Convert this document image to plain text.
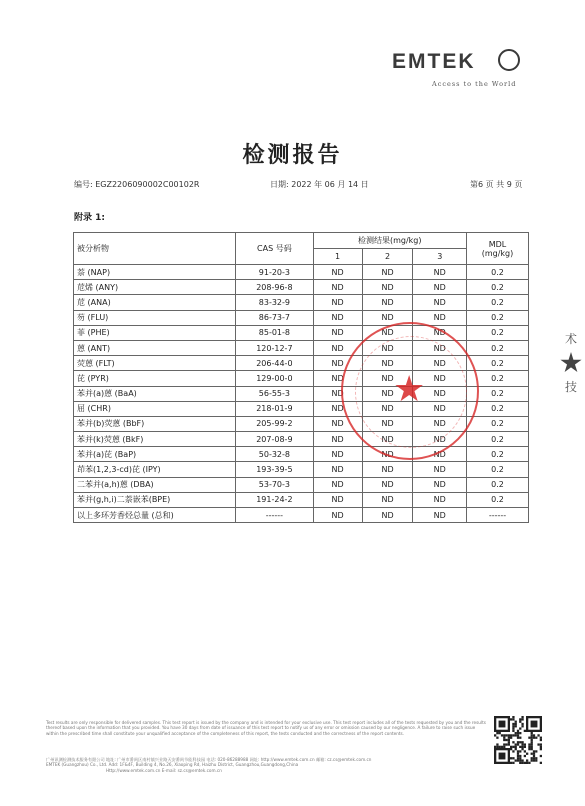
EMTEK
Access to the World
检测报告
编号: EGZ2206090002C00102R	日期: 2022 年 06 月 14 日	第6 页 共 9 页
附录 1:
被分析物	CAS 号码	检测结果(mg/kg)			MDL
(mg/kg)

		1	2	3	
萘 (NAP)	91-20-3	ND	ND	ND	0.2
苊烯 (ANY)	208-96-8	ND	ND	ND	0.2
苊 (ANA)	83-32-9	ND	ND	ND	0.2
芴 (FLU)	86-73-7	ND	ND	ND	0.2
菲 (PHE)	85-01-8	ND	ND	ND	0.2
蒽 (ANT)	120-12-7	ND	ND	ND	0.2
荧蒽 (FLT)	206-44-0	ND	ND	ND	0.2
芘 (PYR)	129-00-0	ND	ND	ND	0.2
苯并(a)蒽 (BaA)	56-55-3	ND	ND	ND	0.2
屈 (CHR)	218-01-9	ND	ND	ND	0.2
苯并(b)荧蒽 (BbF)	205-99-2	ND	ND	ND	0.2
苯并(k)荧蒽 (BkF)	207-08-9	ND	ND	ND	0.2
苯并(a)芘 (BaP)	50-32-8	ND	ND	ND	0.2
茚苯(1,2,3-cd)芘 (IPY)	193-39-5	ND	ND	ND	0.2
二苯并(a,h)蒽 (DBA)	53-70-3	ND	ND	ND	0.2
苯并(g,h,i)二萘嵌苯(BPE)	191-24-2	ND	ND	ND	0.2
以上多环芳香烃总量 (总和)	------	ND	ND	ND	------
★
术
技
Test results are only responsible for delivered samples. This test report is issued by the company and is intended for your exclusive use. This test report includes all of the tests requested by you and the results thereof based upon the information that you provided. You have 30 days from date of issuance of this test report to notify us of any error or omission caused by our negligence. A failure to raise such issue within the prescribed time shall constitute your unqualified acceptance of the completeness of this report, the tests conducted and the correctness of the report contents.
广州讯测检测技术服务有限公司 地址: 广州市番禺区南村镇兴业路天安番禺节能科技园 电话: 020-86288988 网址: http://www.emtek.com.cn 邮箱: cz.cs@emtek.com.cn
EMTEK (Guangzhou) Co., Ltd. Add: 1F&4F, Building 4, No.26, Xiaoping Rd, Haizhu District, Guangzhou,Guangdong,China
Http://www.emtek.com.cn E-mail: sz.cs@emtek.com.cn
